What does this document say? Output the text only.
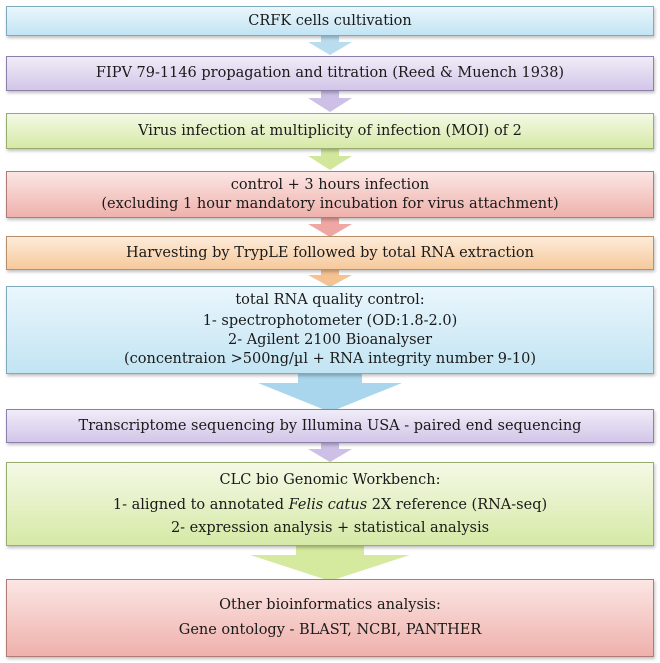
CRFK cells cultivation
FIPV 79-1146 propagation and titration (Reed & Muench 1938)
Virus infection at multiplicity of infection (MOI) of 2
control + 3 hours infection
(excluding 1 hour mandatory incubation for virus attachment)
Harvesting by TrypLE followed by total RNA extraction
total RNA quality control:
1- spectrophotometer (OD:1.8-2.0)
2- Agilent 2100 Bioanalyser
(concentraion >500ng/µl + RNA integrity number 9-10)
Transcriptome sequencing by Illumina USA - paired end sequencing
CLC bio Genomic Workbench:
1- aligned to annotated Felis catus 2X reference (RNA-seq)
2- expression analysis + statistical analysis
Other bioinformatics analysis:
Gene ontology - BLAST, NCBI, PANTHER
